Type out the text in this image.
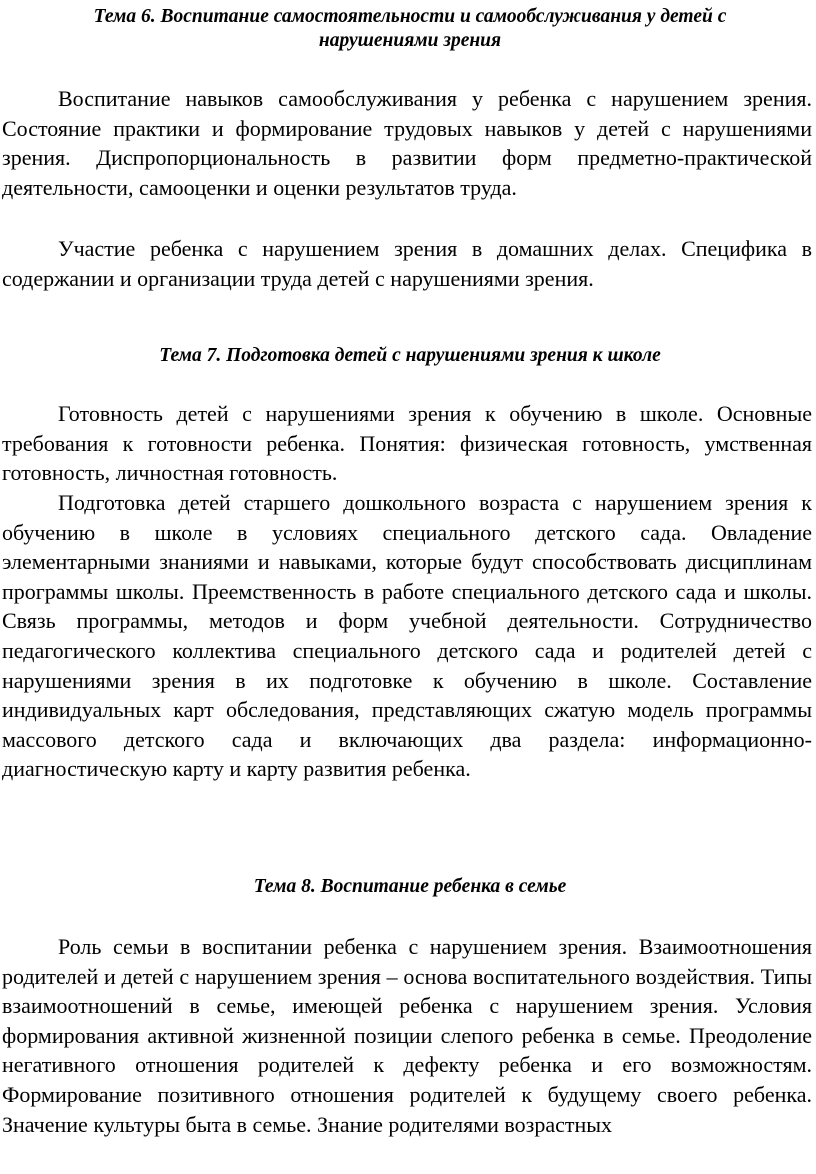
Тема 6. Воспитание самостоятельности и самообслуживания у детей с нарушениями зрения

Воспитание навыков самообслуживания у ребенка с нарушением зрения. Состояние практики и формирование трудовых навыков у детей с нарушениями зрения. Диспропорциональность в развитии форм предметно-практической деятельности, самооценки и оценки результатов труда.

Участие ребенка с нарушением зрения в домашних делах. Специфика в содержании и организации труда детей с нарушениями зрения.

Тема 7. Подготовка детей с нарушениями зрения к школе

Готовность детей с нарушениями зрения к обучению в школе. Основные требования к готовности ребенка. Понятия: физическая готовность, умственная готовность, личностная готовность.

Подготовка детей старшего дошкольного возраста с нарушением зрения к обучению в школе в условиях специального детского сада. Овладение элементарными знаниями и навыками, которые будут способствовать дисциплинам программы школы. Преемственность в работе специального детского сада и школы. Связь программы, методов и форм учебной деятельности. Сотрудничество педагогического коллектива специального детского сада и родителей детей с нарушениями зрения в их подготовке к обучению в школе. Составление индивидуальных карт обследования, представляющих сжатую модель программы массового детского сада и включающих два раздела: информационно-диагностическую карту и карту развития ребенка.

Тема 8. Воспитание ребенка в семье

Роль семьи в воспитании ребенка с нарушением зрения. Взаимоотношения родителей и детей с нарушением зрения – основа воспитательного воздействия. Типы взаимоотношений в семье, имеющей ребенка с нарушением зрения. Условия формирования активной жизненной позиции слепого ребенка в семье. Преодоление негативного отношения родителей к дефекту ребенка и его возможностям. Формирование позитивного отношения родителей к будущему своего ребенка. Значение культуры быта в семье. Знание родителями возрастных
